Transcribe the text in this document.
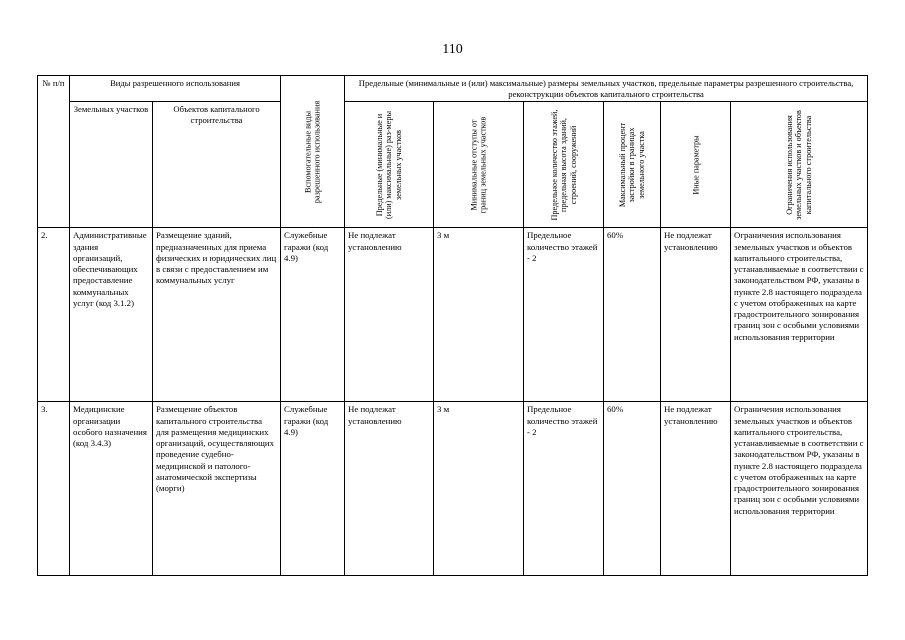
110
№ п/п	Виды разрешенного использования		Вспомогательные виды разрешенного использования	Предельные (минимальные и (или) максимальные) размеры земельных участков, предельные параметры разрешенного строительства, реконструкции объектов капитального строительства					
	Земельных участков	Объектов капитального строительства		Предельные (минимальные и (или) максимальные) раз-меры земельных участков	Минимальные отступы от границ земельных участков	Предельное количество этажей, предельная высота зданий, строений, сооружений	Максимальный процент застройки в границах земельного участка	Иные параметры	Ограничения использования земельных участков и объектов капитального строительства

2.	Административные здания организаций, обеспечивающих предоставление коммунальных услуг (код 3.1.2)	Размещение зданий, предназначенных для приема физических и юридических лиц в связи с предоставлением им коммунальных услуг	Служебные гаражи (код 4.9)	Не подлежат установлению	3 м	Предельное количество этажей - 2	60%	Не подлежат установлению	Ограничения использования земельных участков и объектов капитального строительства, устанавливаемые в соответствии с законодательством РФ, указаны в пункте 2.8 настоящего подраздела с учетом отображенных на карте градостроительного зонирования границ зон с особыми условиями использования территории
3.	Медицинские организации особого назначения (код 3.4.3)	Размещение объектов капитального строительства для размещения медицинских организаций, осуществляющих проведение судебно-медицинской и патолого-анатомической экспертизы (морги)	Служебные гаражи (код 4.9)	Не подлежат установлению	3 м	Предельное количество этажей - 2	60%	Не подлежат установлению	Ограничения использования земельных участков и объектов капитального строительства, устанавливаемые в соответствии с законодательством РФ, указаны в пункте 2.8 настоящего подраздела с учетом отображенных на карте градостроительного зонирования границ зон с особыми условиями использования территории
